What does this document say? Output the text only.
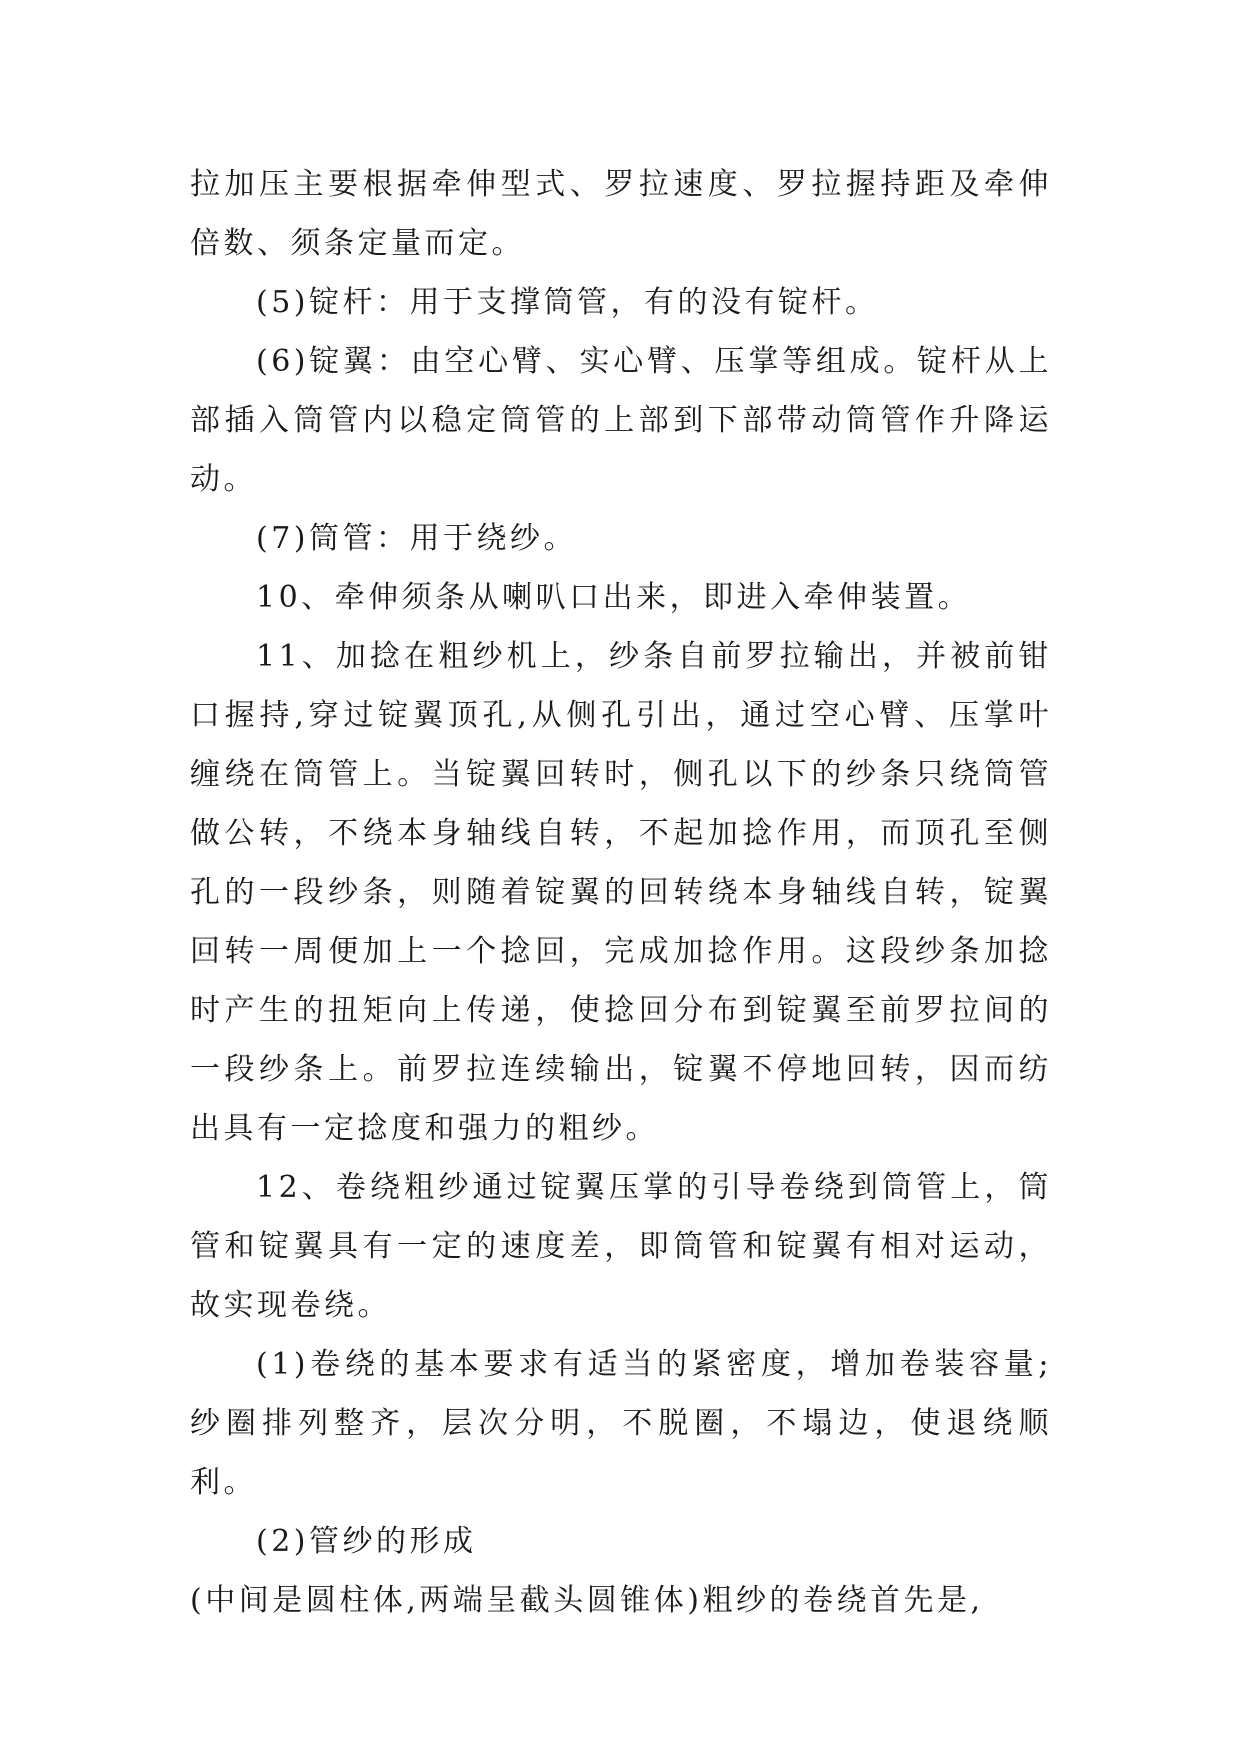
拉加压主要根据牵伸型式、罗拉速度、罗拉握持距及牵伸倍数、须条定量而定。

(5)锭杆：用于支撑筒管，有的没有锭杆。

(6)锭翼：由空心臂、实心臂、压掌等组成。锭杆从上部插入筒管内以稳定筒管的上部到下部带动筒管作升降运动。

(7)筒管：用于绕纱。

10、牵伸须条从喇叭口出来，即进入牵伸装置。

11、加捻在粗纱机上，纱条自前罗拉输出，并被前钳口握持,穿过锭翼顶孔,从侧孔引出，通过空心臂、压掌叶缠绕在筒管上。当锭翼回转时，侧孔以下的纱条只绕筒管做公转，不绕本身轴线自转，不起加捻作用，而顶孔至侧孔的一段纱条，则随着锭翼的回转绕本身轴线自转，锭翼回转一周便加上一个捻回，完成加捻作用。这段纱条加捻时产生的扭矩向上传递，使捻回分布到锭翼至前罗拉间的一段纱条上。前罗拉连续输出，锭翼不停地回转，因而纺出具有一定捻度和强力的粗纱。

12、卷绕粗纱通过锭翼压掌的引导卷绕到筒管上，筒管和锭翼具有一定的速度差，即筒管和锭翼有相对运动，故实现卷绕。

(1)卷绕的基本要求有适当的紧密度，增加卷装容量;纱圈排列整齐，层次分明，不脱圈，不塌边，使退绕顺利。

(2)管纱的形成

(中间是圆柱体,两端呈截头圆锥体)粗纱的卷绕首先是,
